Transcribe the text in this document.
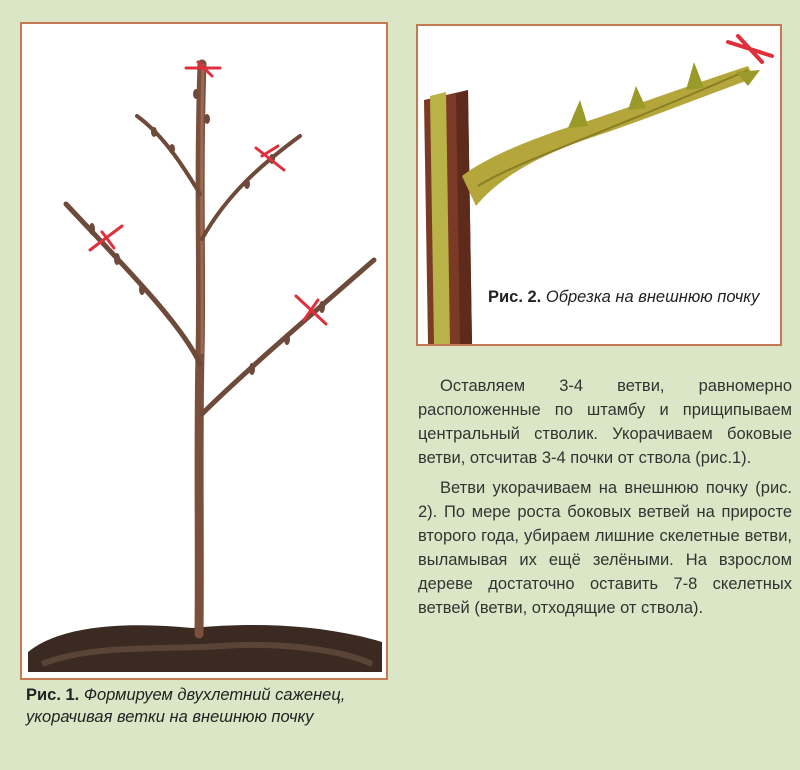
Рис. 1. Формируем двухлетний саженец, укорачивая ветки на внешнюю почку
Рис. 2. Обрезка на внешнюю почку

Оставляем 3-4 ветви, равномерно расположенные по штамбу и прищипываем центральный стволик. Укорачиваем боковые ветви, отсчитав 3-4 почки от ствола (рис.1).

Ветви укорачиваем на внешнюю почку (рис. 2). По мере роста боковых ветвей на приросте второго года, убираем лишние скелетные ветви, выламывая их ещё зелёными. На взрослом дереве достаточно оставить 7-8 скелетных ветвей (ветви, отходящие от ствола).
